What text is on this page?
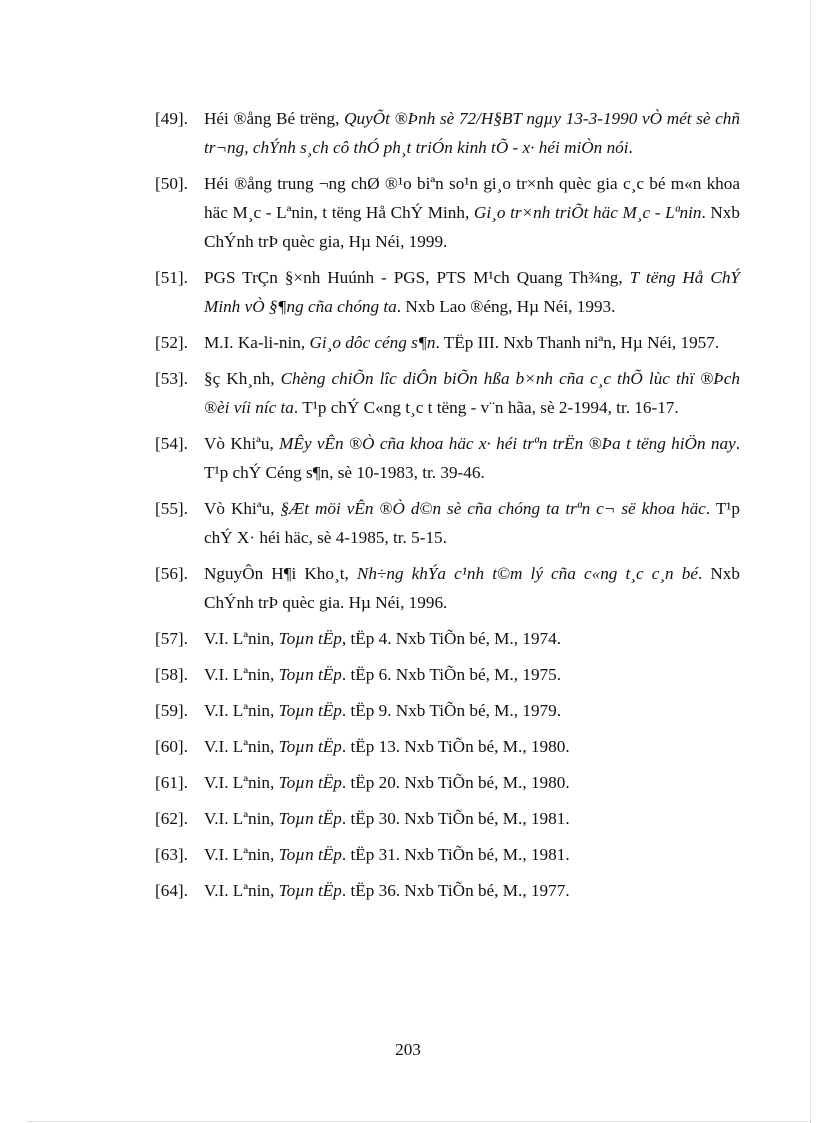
[49]. Héi ®ång Bé trëng, QuyÕt ®Þnh sè 72/H§BT ngµy 13-3-1990 vÒ mét sè chñ tr¬ng, chÝnh s¸ch cô thÓ ph¸t triÓn kinh tÕ - x· héi miÒn nói.
[50]. Héi ®ång trung ¬ng chØ ®¹o biªn so¹n gi¸o tr×nh quèc gia c¸c bé m«n khoa häc M¸c - Lªnin, t tëng Hå ChÝ Minh, Gi¸o tr×nh triÕt häc M¸c - Lªnin. Nxb ChÝnh trÞ quèc gia, Hµ Néi, 1999.
[51]. PGS TrÇn §×nh Huúnh - PGS, PTS M¹ch Quang Th¾ng, T tëng Hå ChÝ Minh vÒ §¶ng cña chóng ta. Nxb Lao ®éng, Hµ Néi, 1993.
[52]. M.I. Ka-li-nin, Gi¸o dôc céng s¶n. TËp III. Nxb Thanh niªn, Hµ Néi, 1957.
[53]. §ç Kh¸nh, Chèng chiÕn lîc diÔn biÕn hßa b×nh cña c¸c thÕ lùc thï ®Þch ®èi víi níc ta. T¹p chÝ C«ng t¸c t tëng - v¨n hãa, sè 2-1994, tr. 16-17.
[54]. Vò Khiªu, MÊy vÊn ®Ò cña khoa häc x· héi trªn trËn ®Þa t tëng hiÖn nay. T¹p chÝ Céng s¶n, sè 10-1983, tr. 39-46.
[55]. Vò Khiªu, §Æt möi vÊn ®Ò d©n sè cña chóng ta trªn c¬ së khoa häc. T¹p chÝ X· héi häc, sè 4-1985, tr. 5-15.
[56]. NguyÔn H¶i Kho¸t, Nh÷ng khÝa c¹nh t©m lý cña c«ng t¸c c¸n bé. Nxb ChÝnh trÞ quèc gia. Hµ Néi, 1996.
[57]. V.I. Lªnin, Toµn tËp, tËp 4. Nxb TiÕn bé, M., 1974.
[58]. V.I. Lªnin, Toµn tËp. tËp 6. Nxb TiÕn bé, M., 1975.
[59]. V.I. Lªnin, Toµn tËp. tËp 9. Nxb TiÕn bé, M., 1979.
[60]. V.I. Lªnin, Toµn tËp. tËp 13. Nxb TiÕn bé, M., 1980.
[61]. V.I. Lªnin, Toµn tËp. tËp 20. Nxb TiÕn bé, M., 1980.
[62]. V.I. Lªnin, Toµn tËp. tËp 30. Nxb TiÕn bé, M., 1981.
[63]. V.I. Lªnin, Toµn tËp. tËp 31. Nxb TiÕn bé, M., 1981.
[64]. V.I. Lªnin, Toµn tËp. tËp 36. Nxb TiÕn bé, M., 1977.
203
